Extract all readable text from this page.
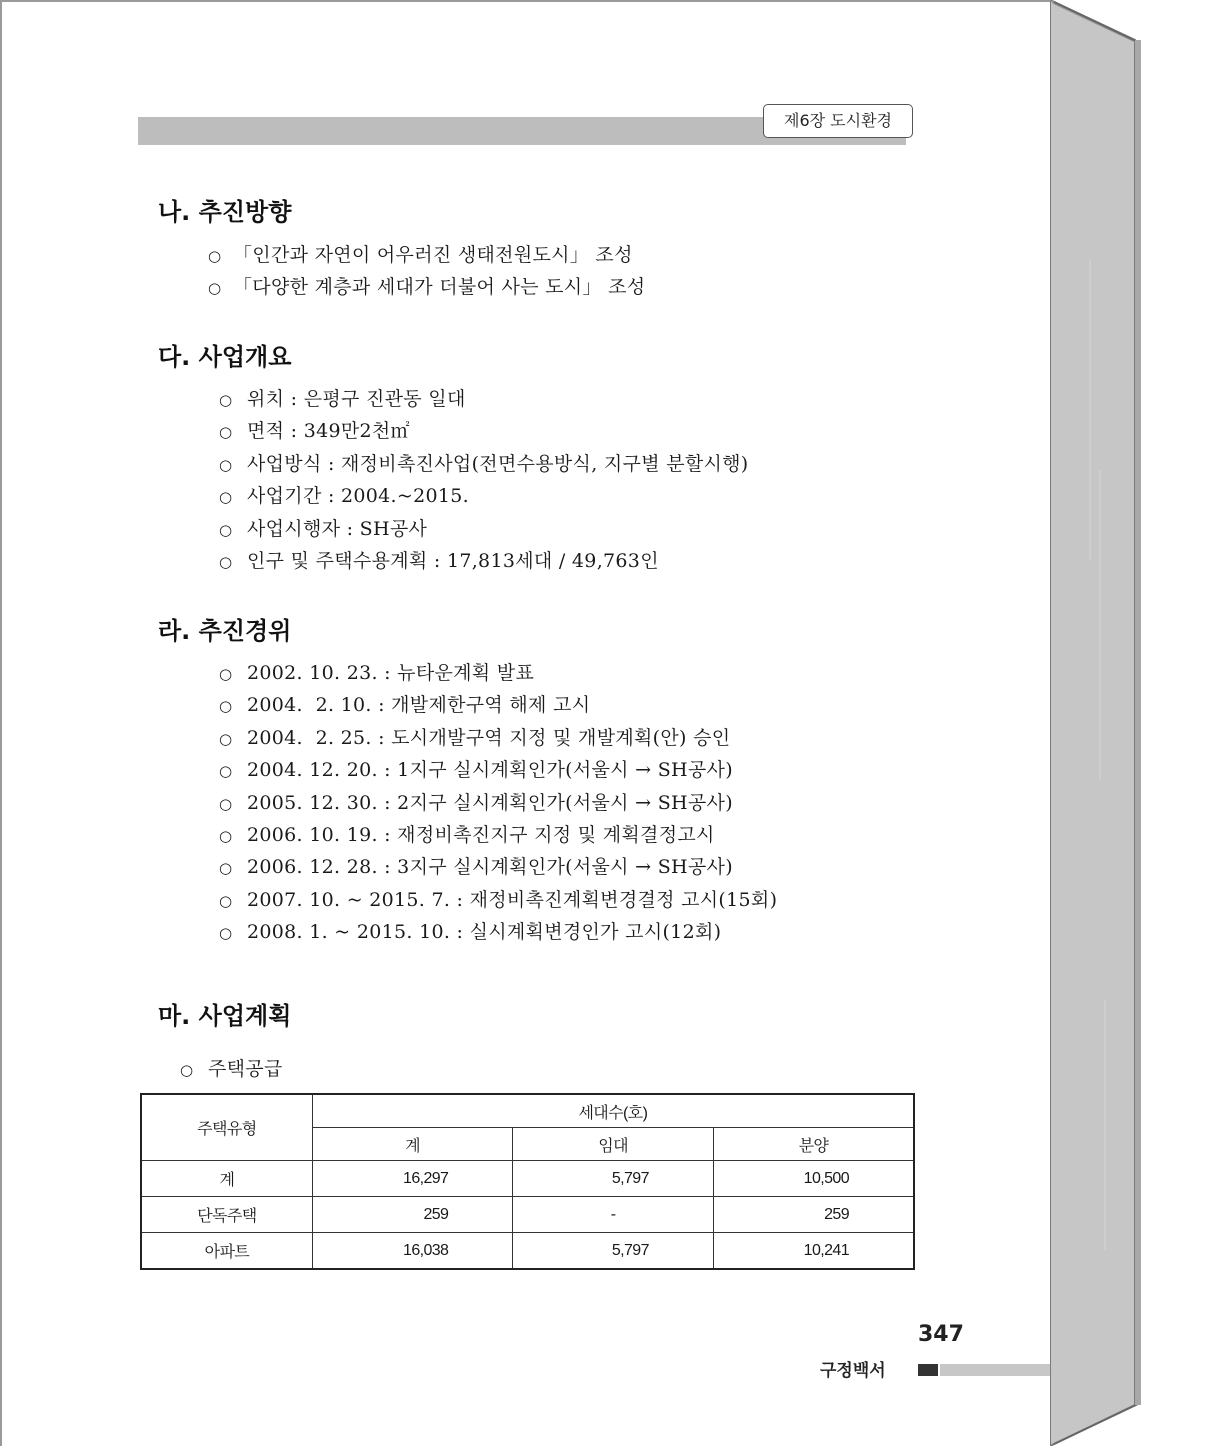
제6장 도시환경
나. 추진방향
○ 「인간과 자연이 어우러진 생태전원도시」 조성
○ 「다양한 계층과 세대가 더불어 사는 도시」 조성
다. 사업개요
○ 위치 : 은평구 진관동 일대
○ 면적 : 349만2천㎡
○ 사업방식 : 재정비촉진사업(전면수용방식, 지구별 분할시행)
○ 사업기간 : 2004.~2015.
○ 사업시행자 : SH공사
○ 인구 및 주택수용계획 : 17,813세대 / 49,763인
라. 추진경위
○ 2002. 10. 23. : 뉴타운계획 발표
○ 2004.  2. 10. : 개발제한구역 해제 고시
○ 2004.  2. 25. : 도시개발구역 지정 및 개발계획(안) 승인
○ 2004. 12. 20. : 1지구 실시계획인가(서울시 → SH공사)
○ 2005. 12. 30. : 2지구 실시계획인가(서울시 → SH공사)
○ 2006. 10. 19. : 재정비촉진지구 지정 및 계획결정고시
○ 2006. 12. 28. : 3지구 실시계획인가(서울시 → SH공사)
○ 2007. 10. ~ 2015. 7. : 재정비촉진계획변경결정 고시(15회)
○ 2008. 1. ~ 2015. 10. : 실시계획변경인가 고시(12회)
마. 사업계획
○ 주택공급
주택유형	세대수(호)		
	계	임대	분양
계	16,297	5,797	10,500
단독주택	259	-	259
아파트	16,038	5,797	10,241
347
구정백서
